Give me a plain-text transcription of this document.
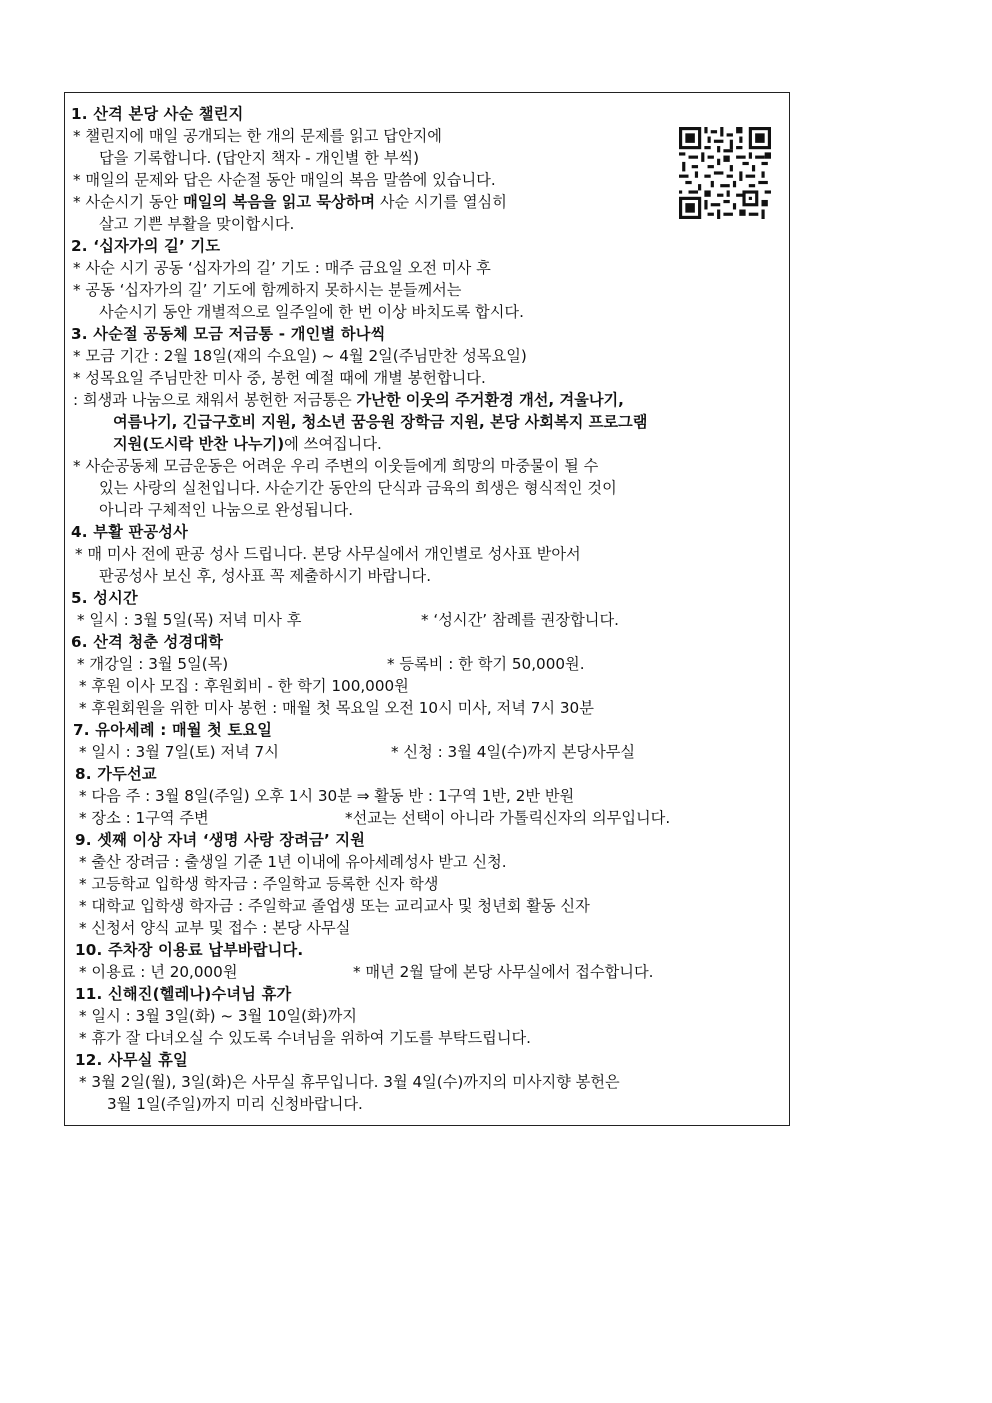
1. 산격 본당 사순 챌린지
* 챌린지에 매일 공개되는 한 개의 문제를 읽고 답안지에
답을 기록합니다. (답안지 책자 - 개인별 한 부씩)
* 매일의 문제와 답은 사순절 동안 매일의 복음 말씀에 있습니다.
* 사순시기 동안 매일의 복음을 읽고 묵상하며 사순 시기를 열심히
살고 기쁜 부활을 맞이합시다.
2. ‘십자가의 길’ 기도
* 사순 시기 공동 ‘십자가의 길’ 기도 : 매주 금요일 오전 미사 후
* 공동 ‘십자가의 길’ 기도에 함께하지 못하시는 분들께서는
사순시기 동안 개별적으로 일주일에 한 번 이상 바치도록 합시다.
3. 사순절 공동체 모금 저금통 - 개인별 하나씩
* 모금 기간 : 2월 18일(재의 수요일) ~ 4월 2일(주님만찬 성목요일)
* 성목요일 주님만찬 미사 중, 봉헌 예절 때에 개별 봉헌합니다.
: 희생과 나눔으로 채워서 봉헌한 저금통은 가난한 이웃의 주거환경 개선, 겨울나기,
여름나기, 긴급구호비 지원, 청소년 꿈응원 장학금 지원, 본당 사회복지 프로그램
지원(도시락 반찬 나누기)에 쓰여집니다.
* 사순공동체 모금운동은 어려운 우리 주변의 이웃들에게 희망의 마중물이 될 수
있는 사랑의 실천입니다. 사순기간 동안의 단식과 금육의 희생은 형식적인 것이
아니라 구체적인 나눔으로 완성됩니다.
4. 부활 판공성사
* 매 미사 전에 판공 성사 드립니다. 본당 사무실에서 개인별로 성사표 받아서
판공성사 보신 후, 성사표 꼭 제출하시기 바랍니다.
5. 성시간
* 일시 : 3월 5일(목) 저녁 미사 후	* ‘성시간’ 참례를 권장합니다.
6. 산격 청춘 성경대학
* 개강일 : 3월 5일(목)	* 등록비 : 한 학기 50,000원.
* 후원 이사 모집 : 후원회비 - 한 학기 100,000원
* 후원회원을 위한 미사 봉헌 : 매월 첫 목요일 오전 10시 미사, 저녁 7시 30분
7. 유아세례 : 매월 첫 토요일
* 일시 : 3월 7일(토) 저녁 7시	* 신청 : 3월 4일(수)까지 본당사무실
8. 가두선교
* 다음 주 : 3월 8일(주일) 오후 1시 30분 ⇒ 활동 반 : 1구역 1반, 2반 반원
* 장소 : 1구역 주변	*선교는 선택이 아니라 가톨릭신자의 의무입니다.
9. 셋째 이상 자녀 ‘생명 사랑 장려금’ 지원
* 출산 장려금 : 출생일 기준 1년 이내에 유아세례성사 받고 신청.
* 고등학교 입학생 학자금 : 주일학교 등록한 신자 학생
* 대학교 입학생 학자금 : 주일학교 졸업생 또는 교리교사 및 청년회 활동 신자
* 신청서 양식 교부 및 접수 : 본당 사무실
10. 주차장 이용료 납부바랍니다.
* 이용료 : 년 20,000원	* 매년 2월 달에 본당 사무실에서 접수합니다.
11. 신해진(헬레나)수녀님 휴가
* 일시 : 3월 3일(화) ~ 3월 10일(화)까지
* 휴가 잘 다녀오실 수 있도록 수녀님을 위하여 기도를 부탁드립니다.
12. 사무실 휴일
* 3월 2일(월), 3일(화)은 사무실 휴무입니다. 3월 4일(수)까지의 미사지향 봉헌은
3월 1일(주일)까지 미리 신청바랍니다.
